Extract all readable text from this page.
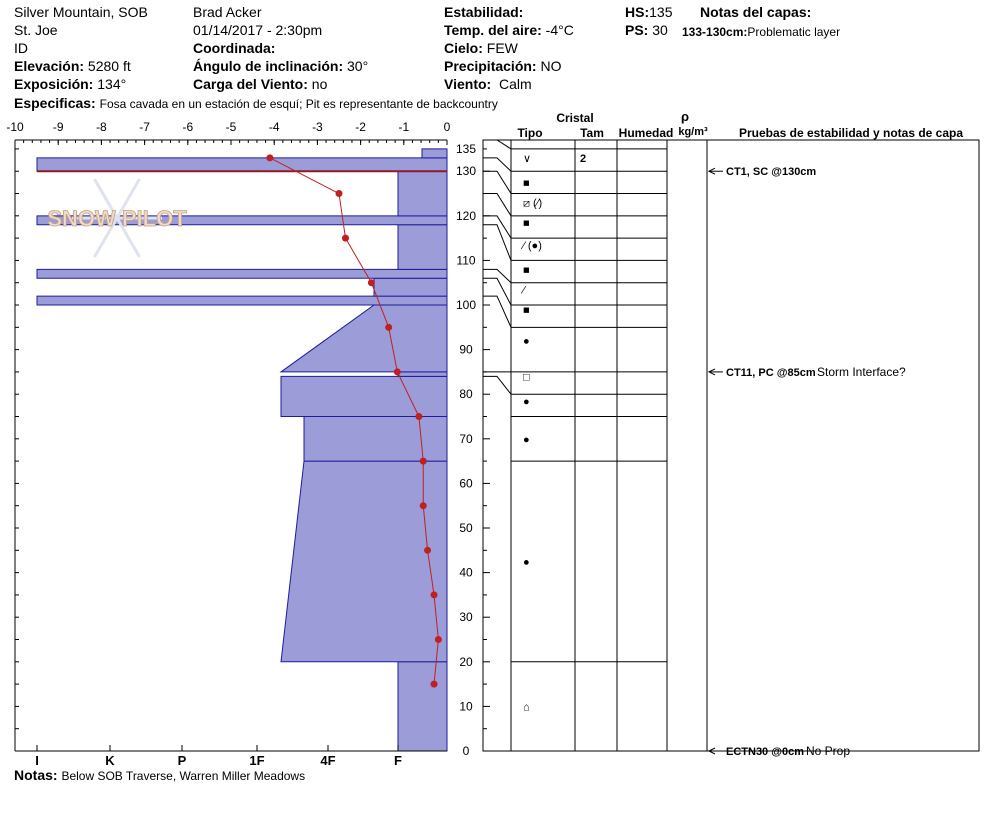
Silver Mountain, SOB
St. Joe
ID
Elevación: 5280 ft
Exposición: 134°
Especificas: Fosa cavada en un estación de esquí; Pit es representante de backcountry
Brad Acker
01/14/2017 - 2:30pm
Coordinada:
Ángulo de inclinación: 30°
Carga del Viento: no
Estabilidad:
Temp. del aire: -4°C
Cielo: FEW
Precipitación: NO
Viento: Calm
HS:135
PS: 30
Notas del capas:
133-130cm:Problematic layer
-10 -9	-8	-7	-6	-5	-4	-3	-2	-1	0
I	K	P	1F	4F	F
SNOW PILOT
0
10
20
30
40
50
60
70
80
90
100
110
120
130
135
Cristal
Tipo	Tam Humedad
ρ
kg/m³	Pruebas de estabilidad y notas de capa
∨	2
■
⧄ (⁄)
■
⁄ (●)
■
⁄
■
●
□
●
●
●
⌂
CT1, SC @130cm
CT11, PC @85cm Storm Interface?
ECTN30 @0cm No Prop
Notas: Below SOB Traverse, Warren Miller Meadows
